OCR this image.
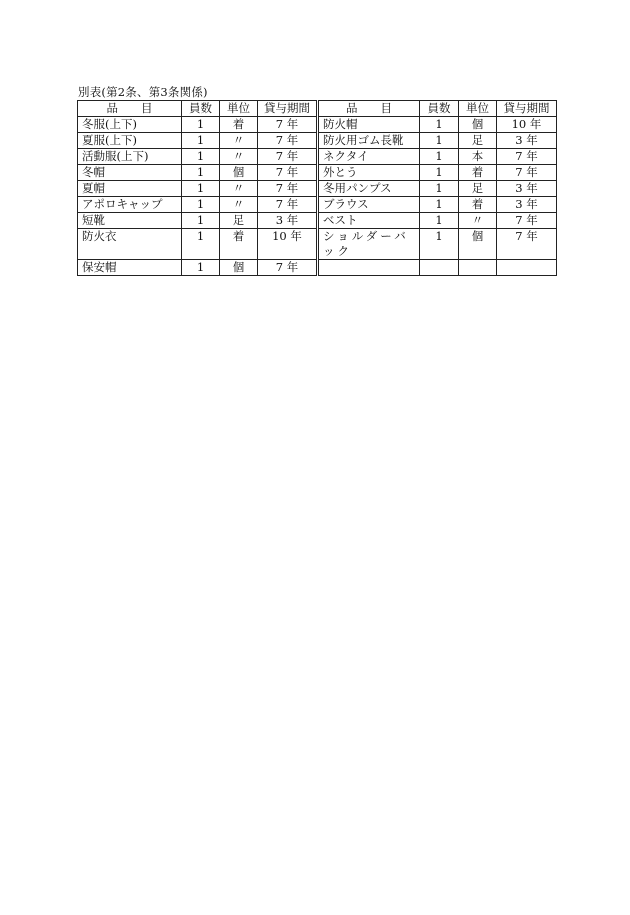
別表(第2条、第3条関係)
品　　目	員数	単位	貸与期間	品　　目	員数	単位	貸与期間
冬服(上下)	1	着	7 年	防火帽	1	個	10 年
夏服(上下)	1	〃	7 年	防火用ゴム長靴	1	足	3 年
活動服(上下)	1	〃	7 年	ネクタイ	1	本	7 年
冬帽	1	個	7 年	外とう	1	着	7 年
夏帽	1	〃	7 年	冬用パンプス	1	足	3 年
アポロキャップ	1	〃	7 年	ブラウス	1	着	3 年
短靴	1	足	3 年	ベスト	1	〃	7 年
防火衣	1	着	10 年	ショルダーバック	1	個	7 年
保安帽	1	個	7 年				
